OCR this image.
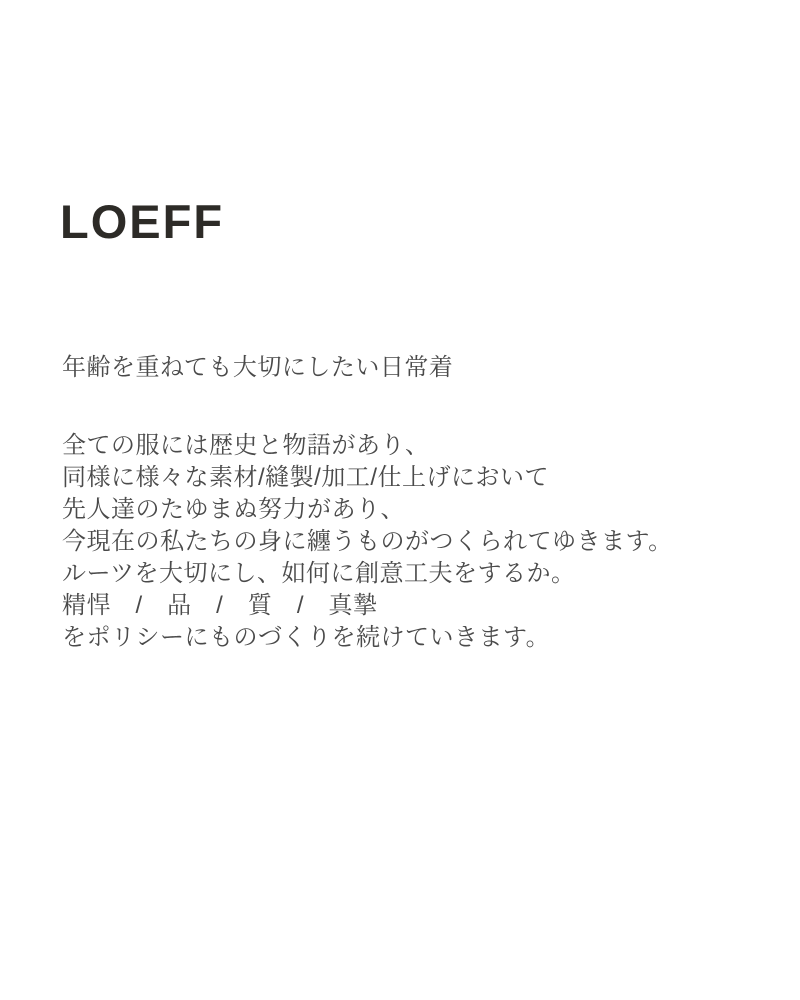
LOEFF

年齢を重ねても大切にしたい日常着

全ての服には歴史と物語があり、
同様に様々な素材/縫製/加工/仕上げにおいて
先人達のたゆまぬ努力があり、
今現在の私たちの身に纏うものがつくられてゆきます。
ルーツを大切にし、如何に創意工夫をするか。
精悍　/　品　/　質　/　真摯
をポリシーにものづくりを続けていきます。
